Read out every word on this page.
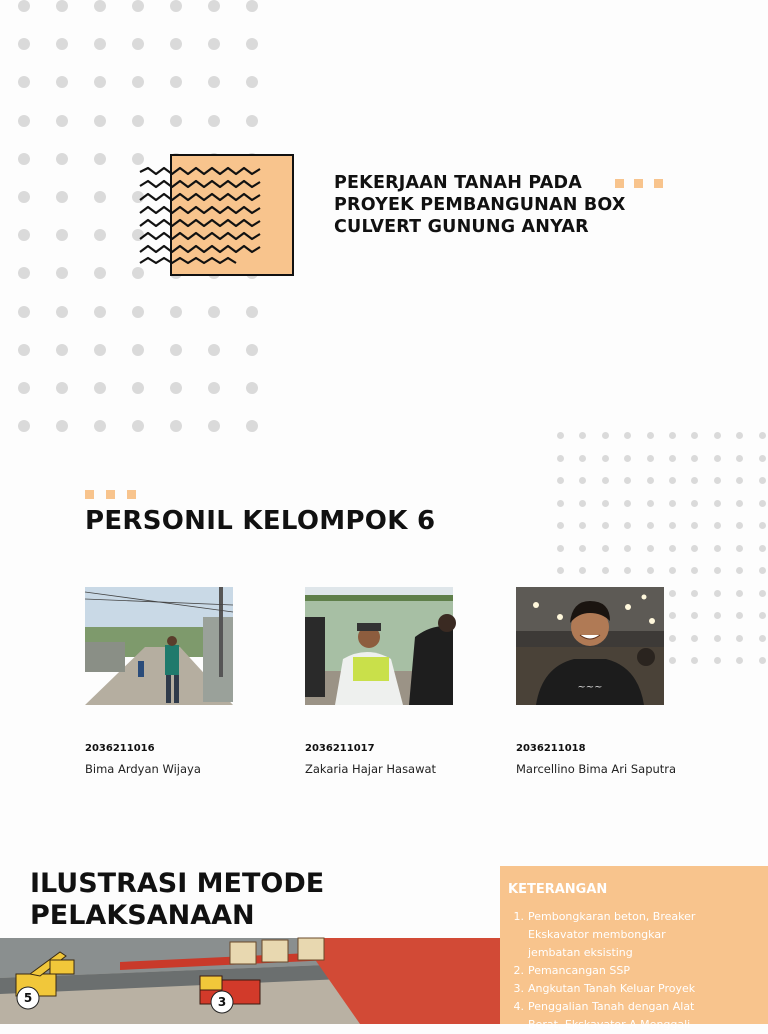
PEKERJAAN TANAH PADA
PROYEK PEMBANGUNAN BOX
CULVERT GUNUNG ANYAR
PERSONIL KELOMPOK 6
~~~
2036211016
Bima Ardyan Wijaya
2036211017
Zakaria Hajar Hasawat
2036211018
Marcellino Bima Ari Saputra
ILUSTRASI METODE
PELAKSANAAN
5	3
KETERANGAN
1. Pembongkaran beton, Breaker Ekskavator membongkar jembatan eksisting
2. Pemancangan SSP
3. Angkutan Tanah Keluar Proyek
4. Penggalian Tanah dengan Alat Berat, Ekskavator A Menggali
